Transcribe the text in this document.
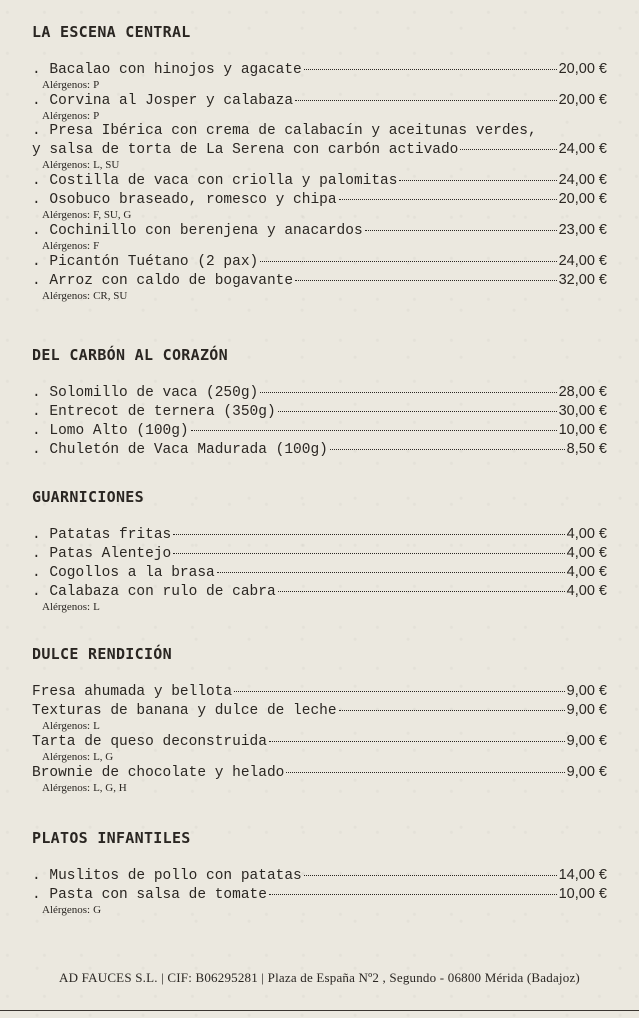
LA ESCENA CENTRAL
. Bacalao con hinojos y agacate	20,00 €
Alérgenos: P
. Corvina al Josper y calabaza	20,00 €
Alérgenos: P
. Presa Ibérica con crema de calabacín y aceitunas verdes,
y salsa de torta de La Serena con carbón activado	24,00 €
Alérgenos: L, SU
. Costilla de vaca con criolla y palomitas	24,00 €
. Osobuco braseado, romesco y chipa	20,00 €
Alérgenos: F, SU, G
. Cochinillo con berenjena y anacardos	23,00 €
Alérgenos: F
. Picantón Tuétano (2 pax)	24,00 €
. Arroz con caldo de bogavante	32,00 €
Alérgenos: CR, SU
DEL CARBÓN AL CORAZÓN
. Solomillo de vaca (250g)	28,00 €
. Entrecot de ternera (350g)	30,00 €
. Lomo Alto (100g)	10,00 €
. Chuletón de Vaca Madurada (100g)	8,50 €
GUARNICIONES
. Patatas fritas	4,00 €
. Patas Alentejo	4,00 €
. Cogollos a la brasa	4,00 €
. Calabaza con rulo de cabra	4,00 €
Alérgenos: L
DULCE RENDICIÓN
Fresa ahumada y bellota	9,00 €
Texturas de banana y dulce de leche	9,00 €
Alérgenos: L
Tarta de queso deconstruida	9,00 €
Alérgenos: L, G
Brownie de chocolate y helado	9,00 €
Alérgenos: L, G, H
PLATOS INFANTILES
. Muslitos de pollo con patatas	14,00 €
. Pasta con salsa de tomate	10,00 €
Alérgenos: G
AD FAUCES S.L. | CIF: B06295281 | Plaza de España Nº2 , Segundo - 06800 Mérida (Badajoz)
